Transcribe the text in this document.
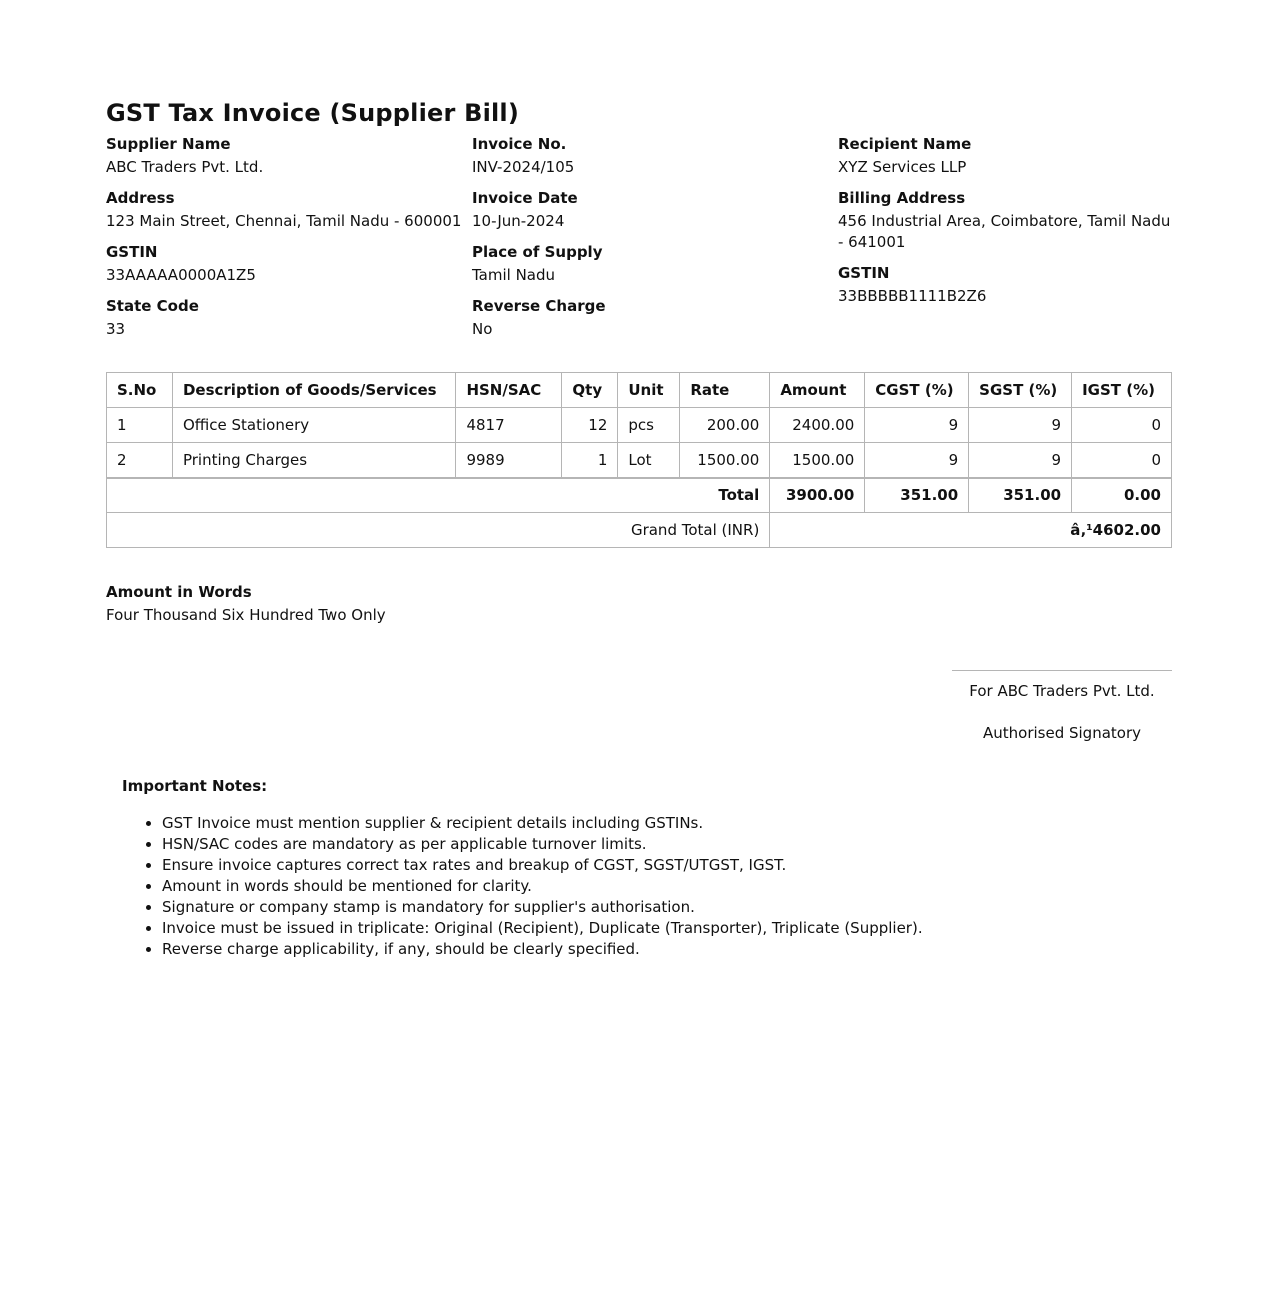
GST Tax Invoice (Supplier Bill)
Supplier Name
ABC Traders Pvt. Ltd.
Address
123 Main Street, Chennai, Tamil Nadu - 600001
GSTIN
33AAAAA0000A1Z5
State Code
33
Invoice No.
INV-2024/105
Invoice Date
10-Jun-2024
Place of Supply
Tamil Nadu
Reverse Charge
No
Recipient Name
XYZ Services LLP
Billing Address
456 Industrial Area, Coimbatore, Tamil Nadu - 641001
GSTIN
33BBBBB1111B2Z6
S.No	Description of Goods/Services	HSN/SAC	Qty	Unit	Rate	Amount	CGST (%)	SGST (%)	IGST (%)
1	Office Stationery	4817	12	pcs	200.00	2400.00	9	9	0
2	Printing Charges	9989	1	Lot	1500.00	1500.00	9	9	0
Total						3900.00	351.00	351.00	0.00
Grand Total (INR)						â‚¹4602.00			
Amount in Words
Four Thousand Six Hundred Two Only
For ABC Traders Pvt. Ltd.
Authorised Signatory
Important Notes:
• GST Invoice must mention supplier & recipient details including GSTINs.
• HSN/SAC codes are mandatory as per applicable turnover limits.
• Ensure invoice captures correct tax rates and breakup of CGST, SGST/UTGST, IGST.
• Amount in words should be mentioned for clarity.
• Signature or company stamp is mandatory for supplier's authorisation.
• Invoice must be issued in triplicate: Original (Recipient), Duplicate (Transporter), Triplicate (Supplier).
• Reverse charge applicability, if any, should be clearly specified.
